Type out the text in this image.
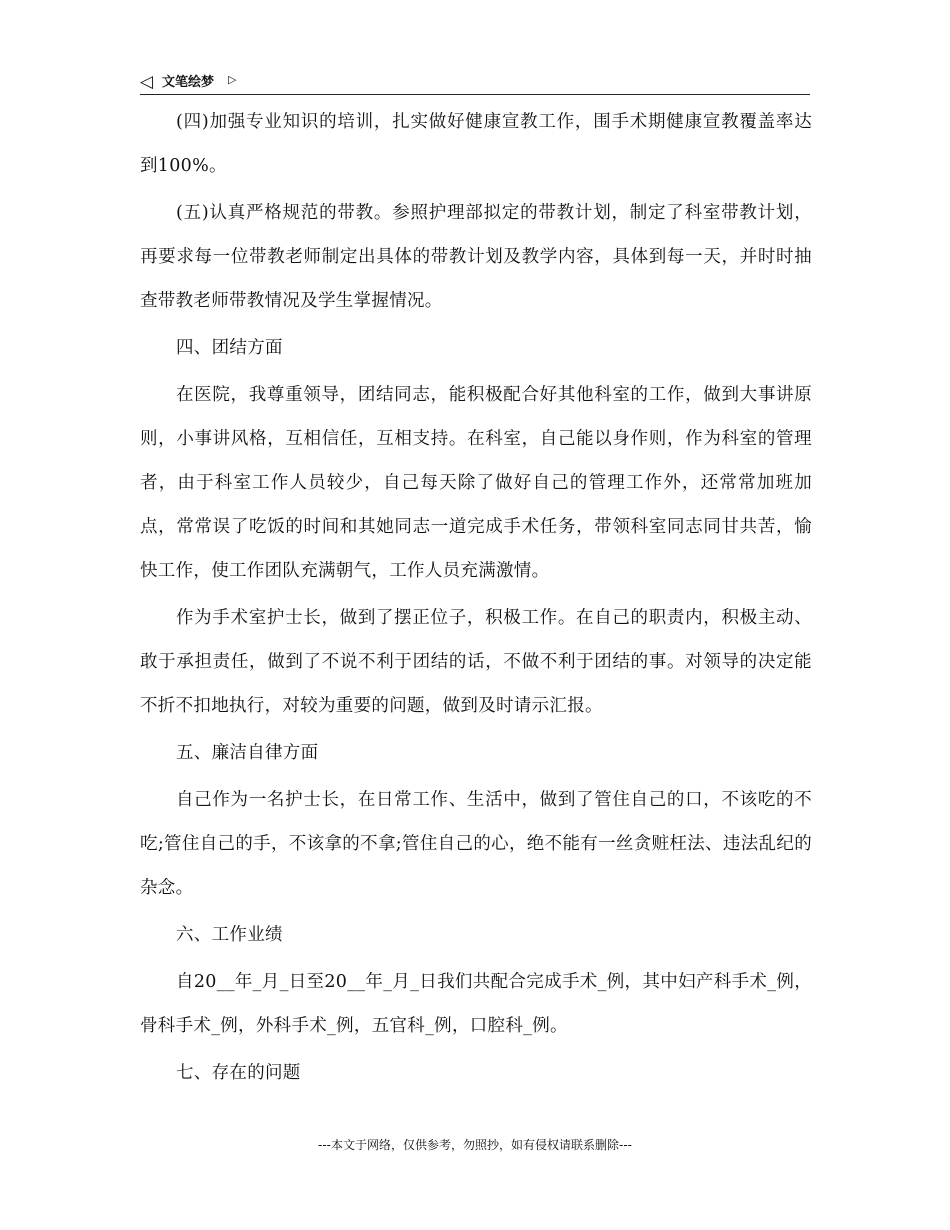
◁ 文笔绘梦 ▷

(四)加强专业知识的培训，扎实做好健康宣教工作，围手术期健康宣教覆盖率达到100%。

(五)认真严格规范的带教。参照护理部拟定的带教计划，制定了科室带教计划，再要求每一位带教老师制定出具体的带教计划及教学内容，具体到每一天，并时时抽查带教老师带教情况及学生掌握情况。

四、团结方面

在医院，我尊重领导，团结同志，能积极配合好其他科室的工作，做到大事讲原则，小事讲风格，互相信任，互相支持。在科室，自己能以身作则，作为科室的管理者，由于科室工作人员较少，自己每天除了做好自己的管理工作外，还常常加班加点，常常误了吃饭的时间和其她同志一道完成手术任务，带领科室同志同甘共苦，愉快工作，使工作团队充满朝气，工作人员充满激情。

作为手术室护士长，做到了摆正位子，积极工作。在自己的职责内，积极主动、敢于承担责任，做到了不说不利于团结的话，不做不利于团结的事。对领导的决定能不折不扣地执行，对较为重要的问题，做到及时请示汇报。

五、廉洁自律方面

自己作为一名护士长，在日常工作、生活中，做到了管住自己的口，不该吃的不吃;管住自己的手，不该拿的不拿;管住自己的心，绝不能有一丝贪赃枉法、违法乱纪的杂念。

六、工作业绩

自20__年_月_日至20__年_月_日我们共配合完成手术_例，其中妇产科手术_例，骨科手术_例，外科手术_例，五官科_例，口腔科_例。

七、存在的问题

---本文于网络，仅供参考，勿照抄，如有侵权请联系删除---
